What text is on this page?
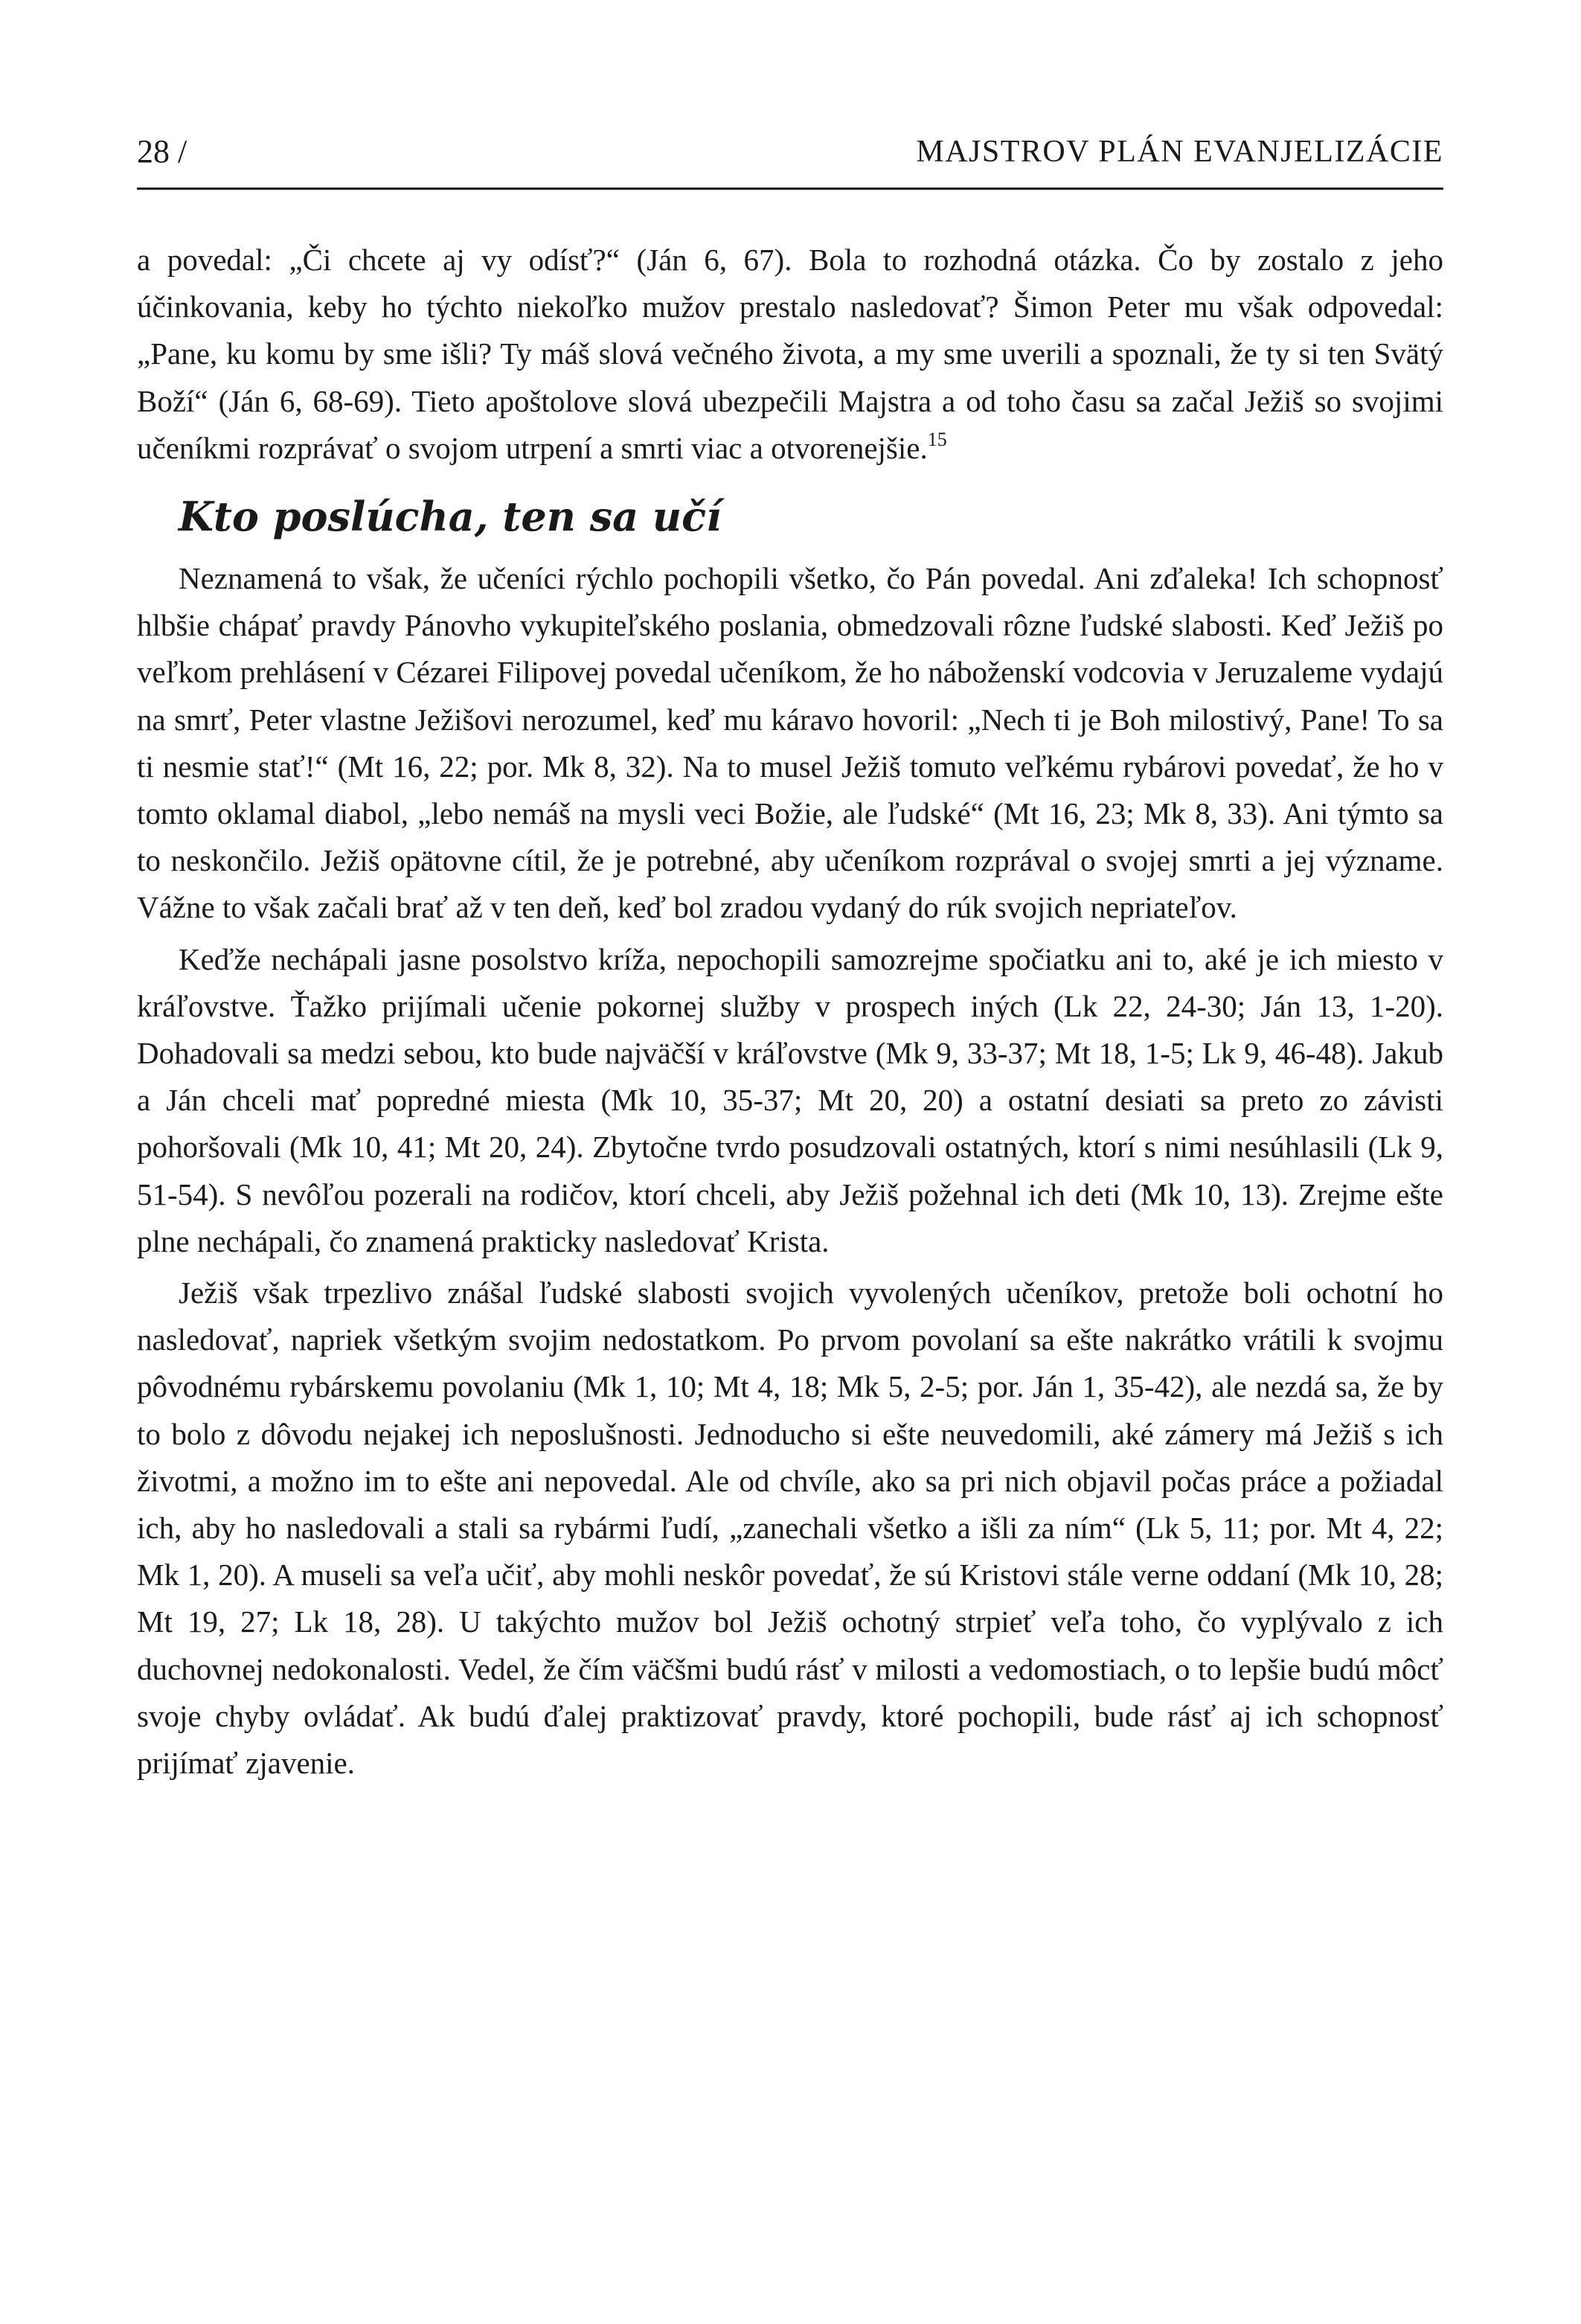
28 /	MAJSTROV PLÁN EVANJELIZÁCIE

a povedal: „Či chcete aj vy odísť?“ (Ján 6, 67). Bola to rozhodná otázka. Čo by zostalo z jeho účinkovania, keby ho týchto niekoľko mužov prestalo nasledovať? Šimon Peter mu však odpovedal: „Pane, ku komu by sme išli? Ty máš slová večného života, a my sme uverili a spoznali, že ty si ten Svätý Boží“ (Ján 6, 68-69). Tieto apoštolove slová ubezpečili Majstra a od toho času sa začal Ježiš so svojimi učeníkmi rozprávať o svojom utrpení a smrti viac a otvorenejšie.$^{15}$

Kto poslúcha, ten sa učí

Neznamená to však, že učeníci rýchlo pochopili všetko, čo Pán povedal. Ani zďaleka! Ich schopnosť hlbšie chápať pravdy Pánovho vykupiteľského poslania, obmedzovali rôzne ľudské slabosti. Keď Ježiš po veľkom prehlásení v Cézarei Filipovej povedal učeníkom, že ho náboženskí vodcovia v Jeruzaleme vydajú na smrť, Peter vlastne Ježišovi nerozumel, keď mu káravo hovoril: „Nech ti je Boh milostivý, Pane! To sa ti nesmie stať!“ (Mt 16, 22; por. Mk 8, 32). Na to musel Ježiš tomuto veľkému rybárovi povedať, že ho v tomto oklamal diabol, „lebo nemáš na mysli veci Božie, ale ľudské“ (Mt 16, 23; Mk 8, 33). Ani týmto sa to neskončilo. Ježiš opätovne cítil, že je potrebné, aby učeníkom rozprával o svojej smrti a jej význame. Vážne to však začali brať až v ten deň, keď bol zradou vydaný do rúk svojich nepriateľov.

Keďže nechápali jasne posolstvo kríža, nepochopili samozrejme spočiatku ani to, aké je ich miesto v kráľovstve. Ťažko prijímali učenie pokornej služby v prospech iných (Lk 22, 24-30; Ján 13, 1-20). Dohadovali sa medzi sebou, kto bude najväčší v kráľovstve (Mk 9, 33-37; Mt 18, 1-5; Lk 9, 46-48). Jakub a Ján chceli mať popredné miesta (Mk 10, 35-37; Mt 20, 20) a ostatní desiati sa preto zo závisti pohoršovali (Mk 10, 41; Mt 20, 24). Zbytočne tvrdo posudzovali ostatných, ktorí s nimi nesúhlasili (Lk 9, 51-54). S nevôľou pozerali na rodičov, ktorí chceli, aby Ježiš požehnal ich deti (Mk 10, 13). Zrejme ešte plne nechápali, čo znamená prakticky nasledovať Krista.

Ježiš však trpezlivo znášal ľudské slabosti svojich vyvolených učeníkov, pretože boli ochotní ho nasledovať, napriek všetkým svojim nedostatkom. Po prvom povolaní sa ešte nakrátko vrátili k svojmu pôvodnému rybárskemu povolaniu (Mk 1, 10; Mt 4, 18; Mk 5, 2-5; por. Ján 1, 35-42), ale nezdá sa, že by to bolo z dôvodu nejakej ich neposlušnosti. Jednoducho si ešte neuvedomili, aké zámery má Ježiš s ich životmi, a možno im to ešte ani nepovedal. Ale od chvíle, ako sa pri nich objavil počas práce a požiadal ich, aby ho nasledovali a stali sa rybármi ľudí, „zanechali všetko a išli za ním“ (Lk 5, 11; por. Mt 4, 22; Mk 1, 20). A museli sa veľa učiť, aby mohli neskôr povedať, že sú Kristovi stále verne oddaní (Mk 10, 28; Mt 19, 27; Lk 18, 28). U takýchto mužov bol Ježiš ochotný strpieť veľa toho, čo vyplývalo z ich duchovnej nedokonalosti. Vedel, že čím väčšmi budú rásť v milosti a vedomostiach, o to lepšie budú môcť svoje chyby ovládať. Ak budú ďalej praktizovať pravdy, ktoré pochopili, bude rásť aj ich schopnosť prijímať zjavenie.
